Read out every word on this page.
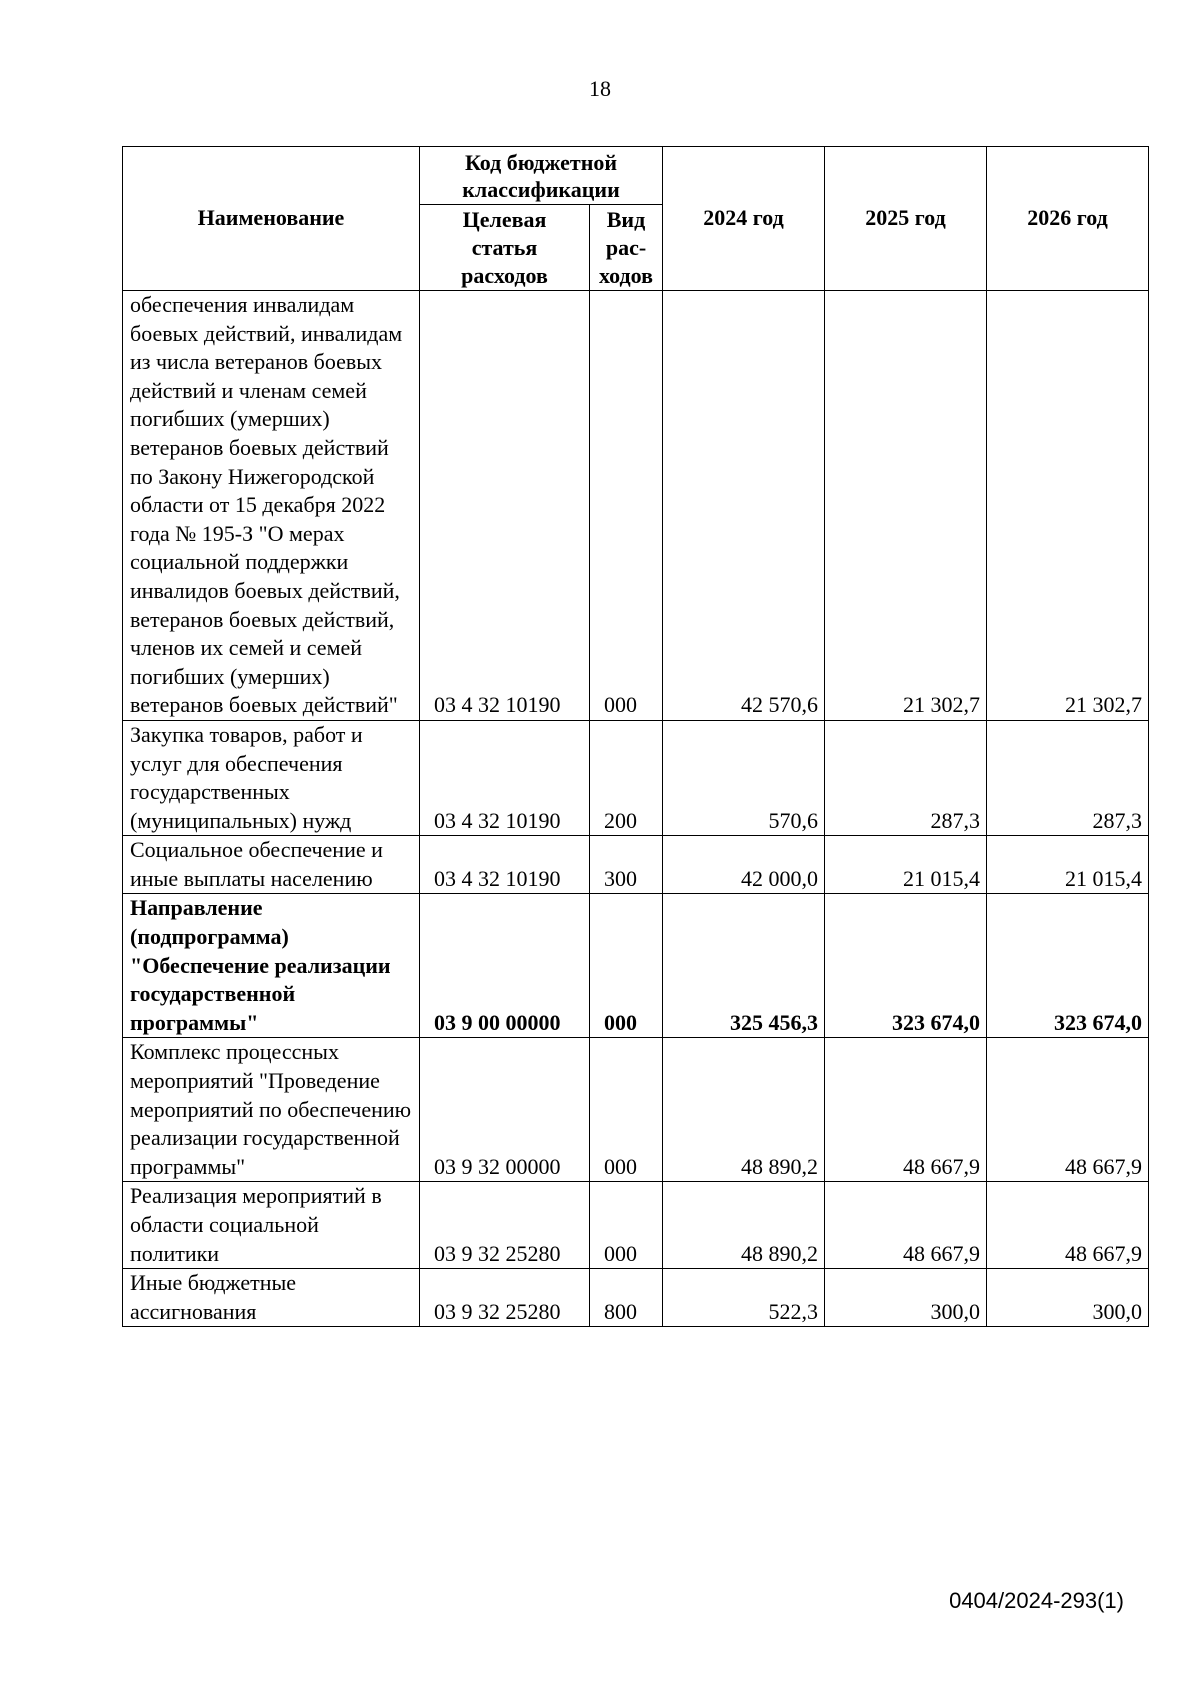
18
Наименование	Код бюджетной классификации		2024 год	2025 год	2026 год
	Целевая статья расходов	Вид рас-ходов			
обеспечения инвалидам боевых действий, инвалидам из числа ветеранов боевых действий и членам семей погибших (умерших) ветеранов боевых действий по Закону Нижегородской области от 15 декабря 2022 года № 195-З "О мерах социальной поддержки инвалидов боевых действий, ветеранов боевых действий, членов их семей и семей погибших (умерших) ветеранов боевых действий"	03 4 32 10190	000	42 570,6	21 302,7	21 302,7
Закупка товаров, работ и услуг для обеспечения государственных (муниципальных) нужд	03 4 32 10190	200	570,6	287,3	287,3
Социальное обеспечение и иные выплаты населению	03 4 32 10190	300	42 000,0	21 015,4	21 015,4
Направление (подпрограмма) "Обеспечение реализации государственной программы"	03 9 00 00000	000	325 456,3	323 674,0	323 674,0
Комплекс процессных мероприятий "Проведение мероприятий по обеспечению реализации государственной программы"	03 9 32 00000	000	48 890,2	48 667,9	48 667,9
Реализация мероприятий в области социальной политики	03 9 32 25280	000	48 890,2	48 667,9	48 667,9
Иные бюджетные ассигнования	03 9 32 25280	800	522,3	300,0	300,0
0404/2024-293(1)
